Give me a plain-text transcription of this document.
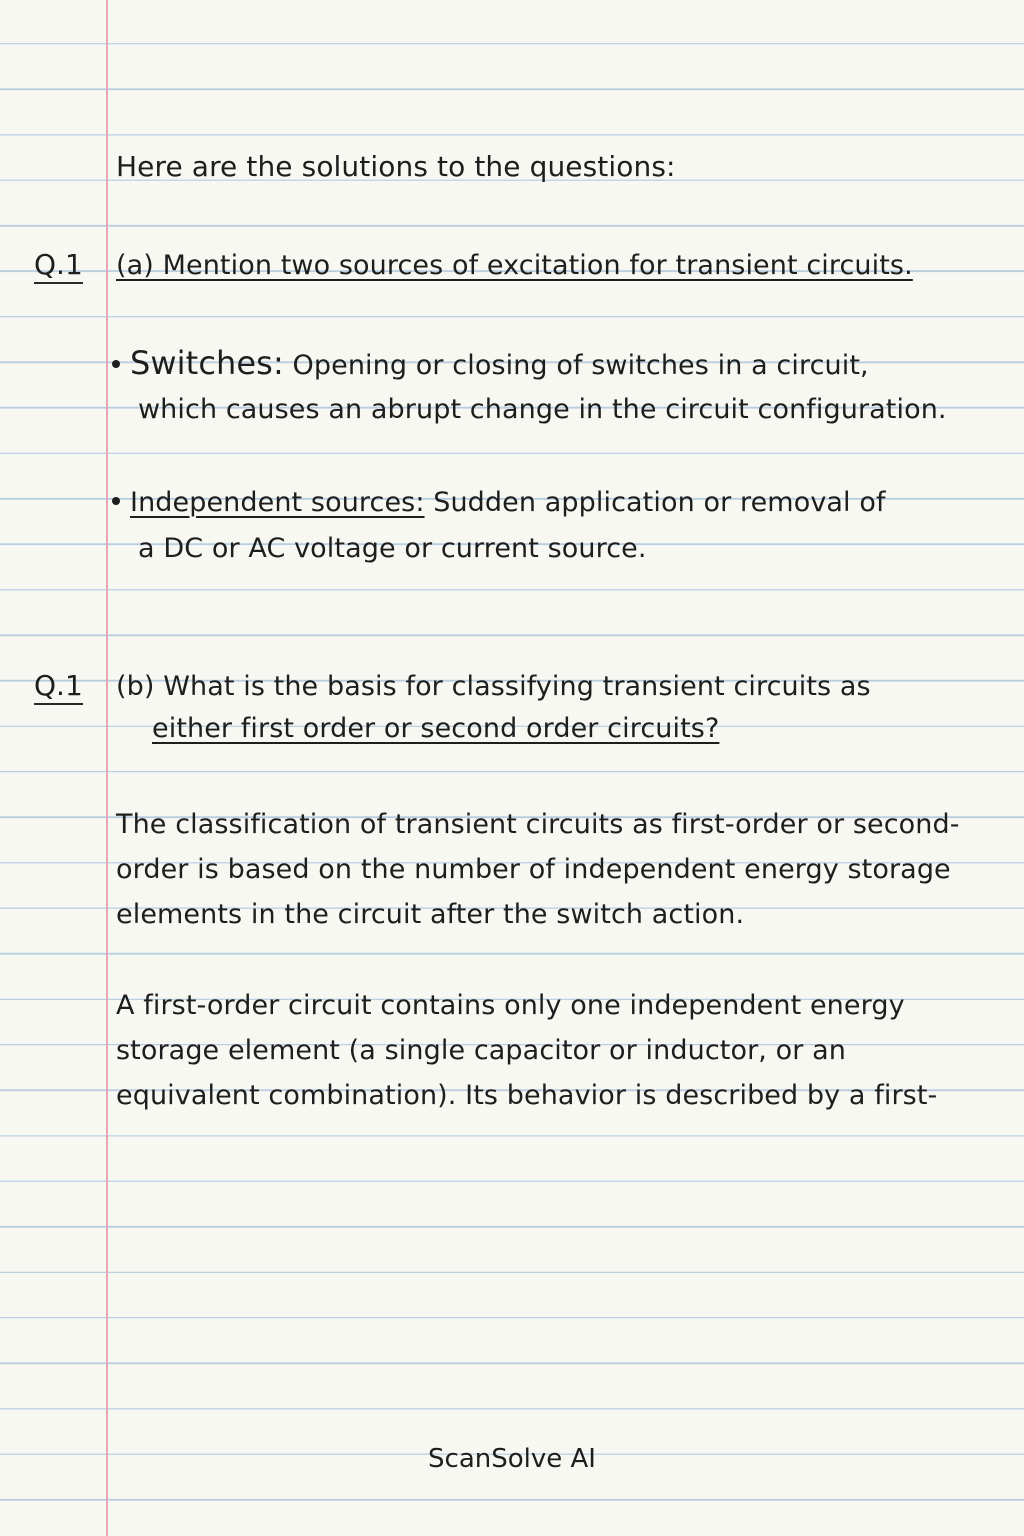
Here are the solutions to the questions:
Q.1 (a) Mention two sources of excitation for transient circuits.
Switches: Opening or closing of switches in a circuit,
which causes an abrupt change in the circuit configuration.
Independent sources: Sudden application or removal of
a DC or AC voltage or current source.
Q.1 (b) What is the basis for classifying transient circuits as
either first order or second order circuits?
The classification of transient circuits as first-order or second-
order is based on the number of independent energy storage
elements in the circuit after the switch action.
A first-order circuit contains only one independent energy
storage element (a single capacitor or inductor, or an
equivalent combination). Its behavior is described by a first-
ScanSolve AI
